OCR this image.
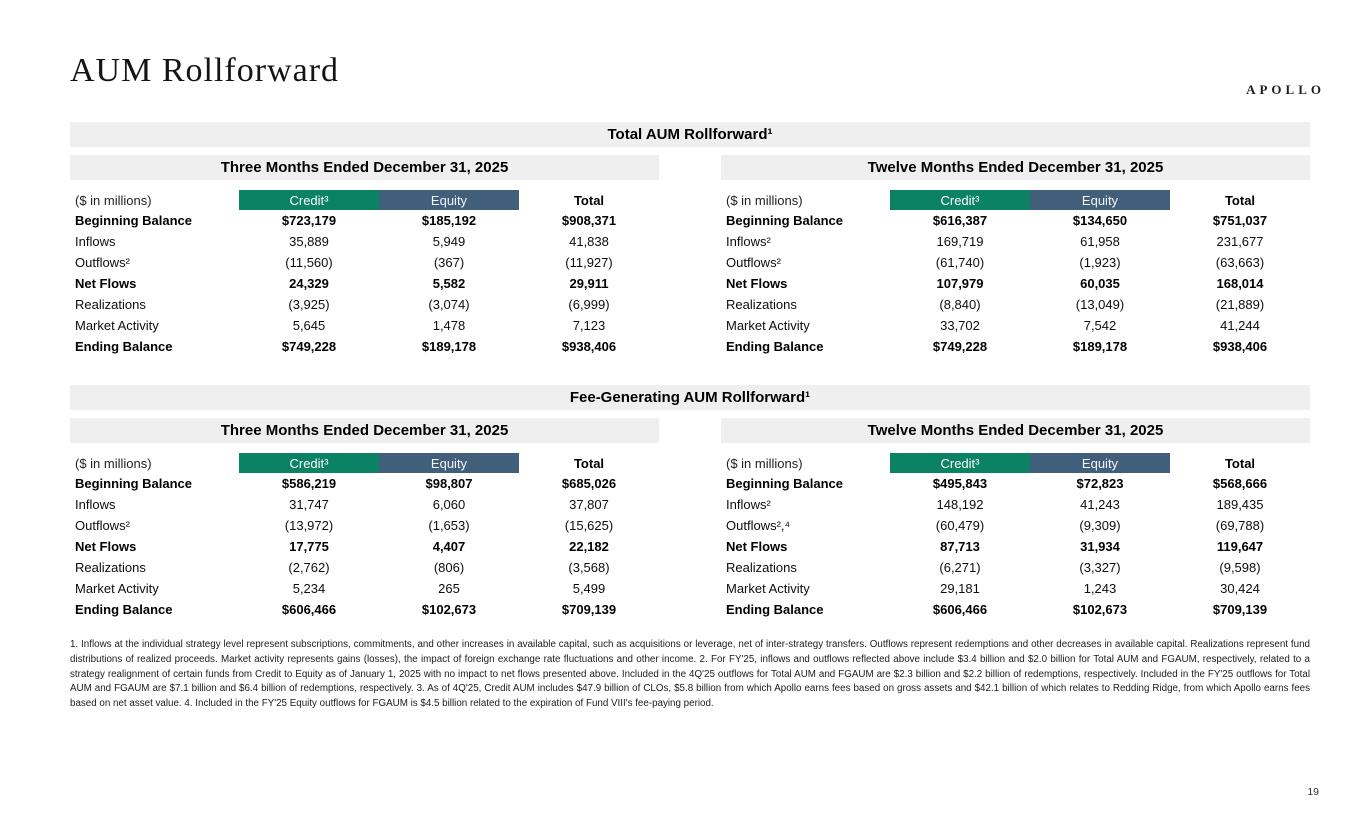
APOLLO
AUM Rollforward
Total AUM Rollforward¹
Three Months Ended December 31, 2025
($ in millions)	Credit³	Equity	Total
Beginning Balance	$723,179	$185,192	$908,371
Inflows	35,889	5,949	41,838
Outflows²	(11,560)	(367)	(11,927)
Net Flows	24,329	5,582	29,911
Realizations	(3,925)	(3,074)	(6,999)
Market Activity	5,645	1,478	7,123
Ending Balance	$749,228	$189,178	$938,406
Twelve Months Ended December 31, 2025
($ in millions)	Credit³	Equity	Total
Beginning Balance	$616,387	$134,650	$751,037
Inflows²	169,719	61,958	231,677
Outflows²	(61,740)	(1,923)	(63,663)
Net Flows	107,979	60,035	168,014
Realizations	(8,840)	(13,049)	(21,889)
Market Activity	33,702	7,542	41,244
Ending Balance	$749,228	$189,178	$938,406
Fee-Generating AUM Rollforward¹
Three Months Ended December 31, 2025
($ in millions)	Credit³	Equity	Total
Beginning Balance	$586,219	$98,807	$685,026
Inflows	31,747	6,060	37,807
Outflows²	(13,972)	(1,653)	(15,625)
Net Flows	17,775	4,407	22,182
Realizations	(2,762)	(806)	(3,568)
Market Activity	5,234	265	5,499
Ending Balance	$606,466	$102,673	$709,139
Twelve Months Ended December 31, 2025
($ in millions)	Credit³	Equity	Total
Beginning Balance	$495,843	$72,823	$568,666
Inflows²	148,192	41,243	189,435
Outflows²,⁴	(60,479)	(9,309)	(69,788)
Net Flows	87,713	31,934	119,647
Realizations	(6,271)	(3,327)	(9,598)
Market Activity	29,181	1,243	30,424
Ending Balance	$606,466	$102,673	$709,139

1. Inflows at the individual strategy level represent subscriptions, commitments, and other increases in available capital, such as acquisitions or leverage, net of inter-strategy transfers. Outflows represent redemptions and other decreases in available capital. Realizations represent fund distributions of realized proceeds. Market activity represents gains (losses), the impact of foreign exchange rate fluctuations and other income. 2. For FY'25, inflows and outflows reflected above include $3.4 billion and $2.0 billion for Total AUM and FGAUM, respectively, related to a strategy realignment of certain funds from Credit to Equity as of January 1, 2025 with no impact to net flows presented above. Included in the 4Q'25 outflows for Total AUM and FGAUM are $2.3 billion and $2.2 billion of redemptions, respectively. Included in the FY'25 outflows for Total AUM and FGAUM are $7.1 billion and $6.4 billion of redemptions, respectively. 3. As of 4Q'25, Credit AUM includes $47.9 billion of CLOs, $5.8 billion from which Apollo earns fees based on gross assets and $42.1 billion of which relates to Redding Ridge, from which Apollo earns fees based on net asset value. 4. Included in the FY'25 Equity outflows for FGAUM is $4.5 billion related to the expiration of Fund VIII's fee-paying period.

19
